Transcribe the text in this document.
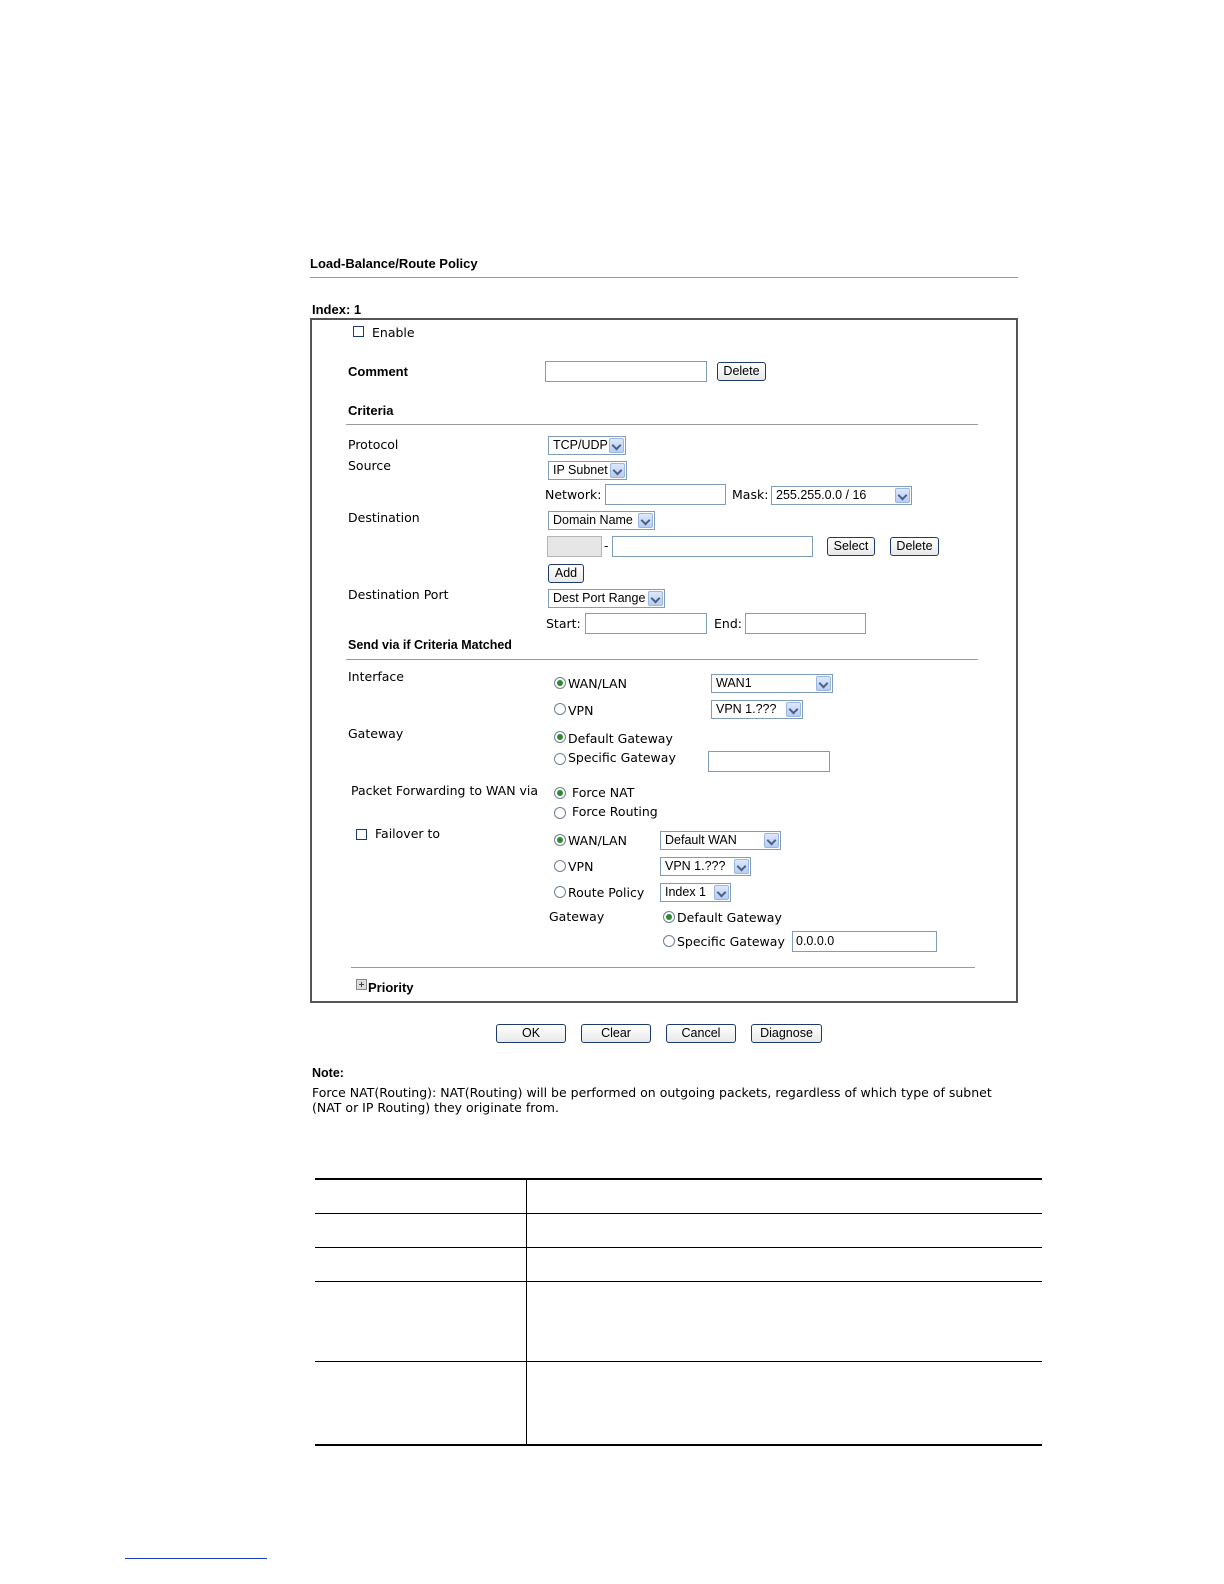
Load-Balance/Route Policy
Index: 1
Enable
Comment	Delete
Criteria
Protocol	TCP/UDP
Source	IP Subnet
Network:	Mask: 255.255.0.0 / 16
Destination	Domain Name
-	Select	Delete
Add
Destination Port	Dest Port Range
Start:	End:
Send via if Criteria Matched
Interface	WAN/LAN	WAN1
VPN	VPN 1.???
Gateway	Default Gateway
Specific Gateway
Packet Forwarding to WAN via	Force NAT
Force Routing
Failover to	WAN/LAN	Default WAN
VPN	VPN 1.???
Route Policy	Index 1
Gateway	Default Gateway
Specific Gateway 0.0.0.0
Priority
OK	Clear	Cancel	Diagnose
Note:
Force NAT(Routing): NAT(Routing) will be performed on outgoing packets, regardless of which type of subnet
(NAT or IP Routing) they originate from.
